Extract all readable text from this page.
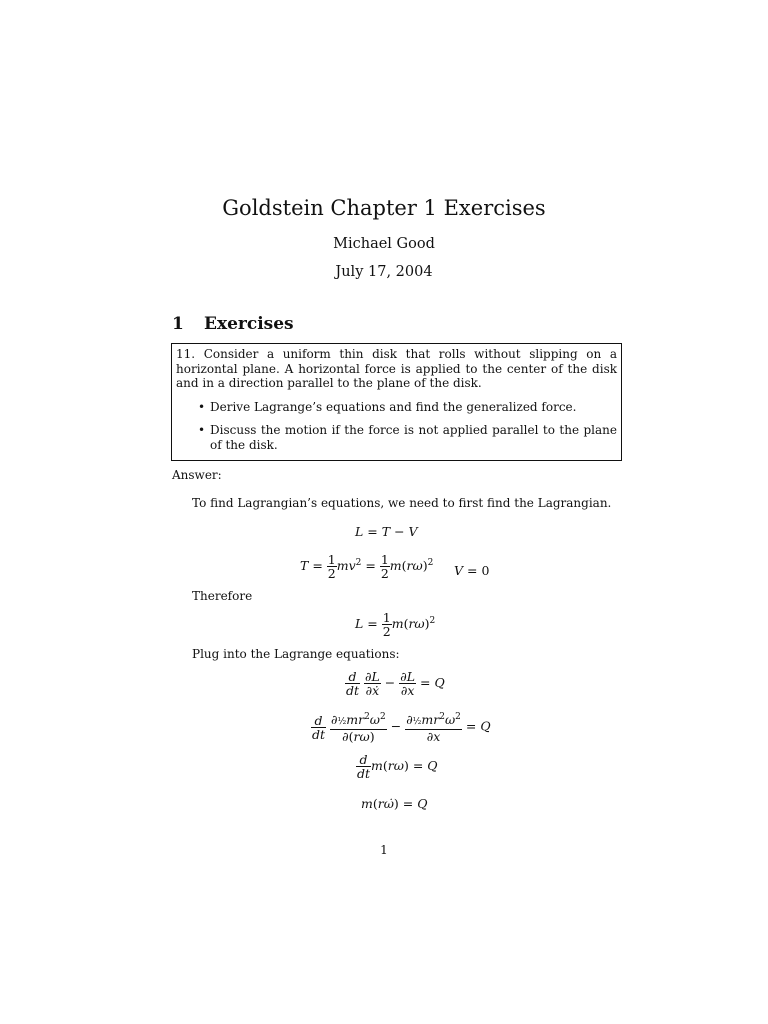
Goldstein Chapter 1 Exercises
Michael Good
July 17, 2004
1 Exercises

11. Consider a uniform thin disk that rolls without slipping on a horizontal plane. A horizontal force is applied to the center of the disk and in a direction parallel to the plane of the disk.

• Derive Lagrange’s equations and find the generalized force.
• Discuss the motion if the force is not applied parallel to the plane of the disk.
Answer:
To find Lagrangian’s equations, we need to first find the Lagrangian.
L = T − V
$T = \frac{1}{2} mv^2 = \frac{1}{2} m(r\omega)^2$
V = 0
Therefore
$L = \frac{1}{2} m(r\omega)^2$
Plug into the Lagrange equations:
$\frac{d}{dt}$
$\frac{\partial L}{\text{∂ẋ}} - \frac{\partial L}{\partial x} = Q$
$\frac{d}{dt}$
$\frac{\partial\frac{1}{2}mr^2\omega^2}{\partial(r\omega)} - \frac{\partial\frac{1}{2}mr^2\omega^2}{\partial x} = Q$
$\frac{d}{dt} m(r\omega) = Q$
m(rω̇) = Q
1
